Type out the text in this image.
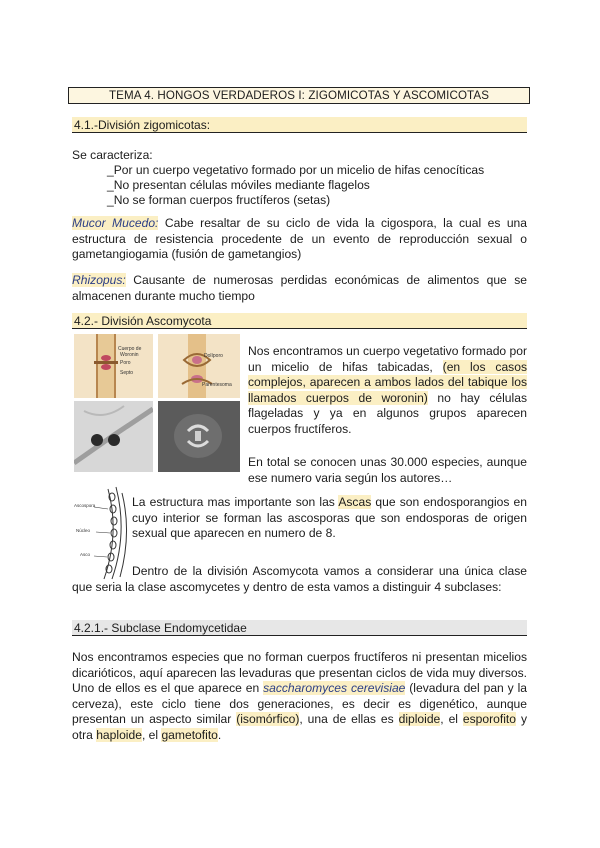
TEMA 4. HONGOS VERDADEROS I: ZIGOMICOTAS Y ASCOMICOTAS
4.1.-División zigomicotas:
Se caracteriza:
_Por un cuerpo vegetativo formado por un micelio de hifas cenocíticas
_No presentan células móviles mediante flagelos
_No se forman cuerpos fructíferos (setas)
Mucor Mucedo: Cabe resaltar de su ciclo de vida la cigospora, la cual es una estructura de resistencia procedente de un evento de reproducción sexual o gametangiogamia (fusión de gametangios)
Rhizopus: Causante de numerosas perdidas económicas de alimentos que se almacenen durante mucho tiempo
4.2.- División Ascomycota
Cuerpo de
Woronin
Poro
Septo
Dolíporo
Parentesoma
Nos encontramos un cuerpo vegetativo formado por un micelio de hifas tabicadas, (en los casos complejos, aparecen a ambos lados del tabique los llamados cuerpos de woronin) no hay células flageladas y ya en algunos grupos aparecen cuerpos fructíferos.
En total se conocen unas 30.000 especies, aunque ese numero varia según los autores…
Ascospora
Núcleo
Asco
La estructura mas importante son las Ascas que son endosporangios en cuyo interior se forman las ascosporas que son endosporas de origen sexual que aparecen en numero de 8.
Dentro de la división Ascomycota vamos a considerar una única clase que seria la clase ascomycetes y dentro de esta vamos a distinguir 4 subclases:
4.2.1.- Subclase Endomycetidae
Nos encontramos especies que no forman cuerpos fructíferos ni presentan micelios dicarióticos, aquí aparecen las levaduras que presentan ciclos de vida muy diversos. Uno de ellos es el que aparece en saccharomyces cerevisiae (levadura del pan y la cerveza), este ciclo tiene dos generaciones, es decir es digenético, aunque presentan un aspecto similar (isomórfico), una de ellas es diploide, el esporofito y otra haploide, el gametofito.
